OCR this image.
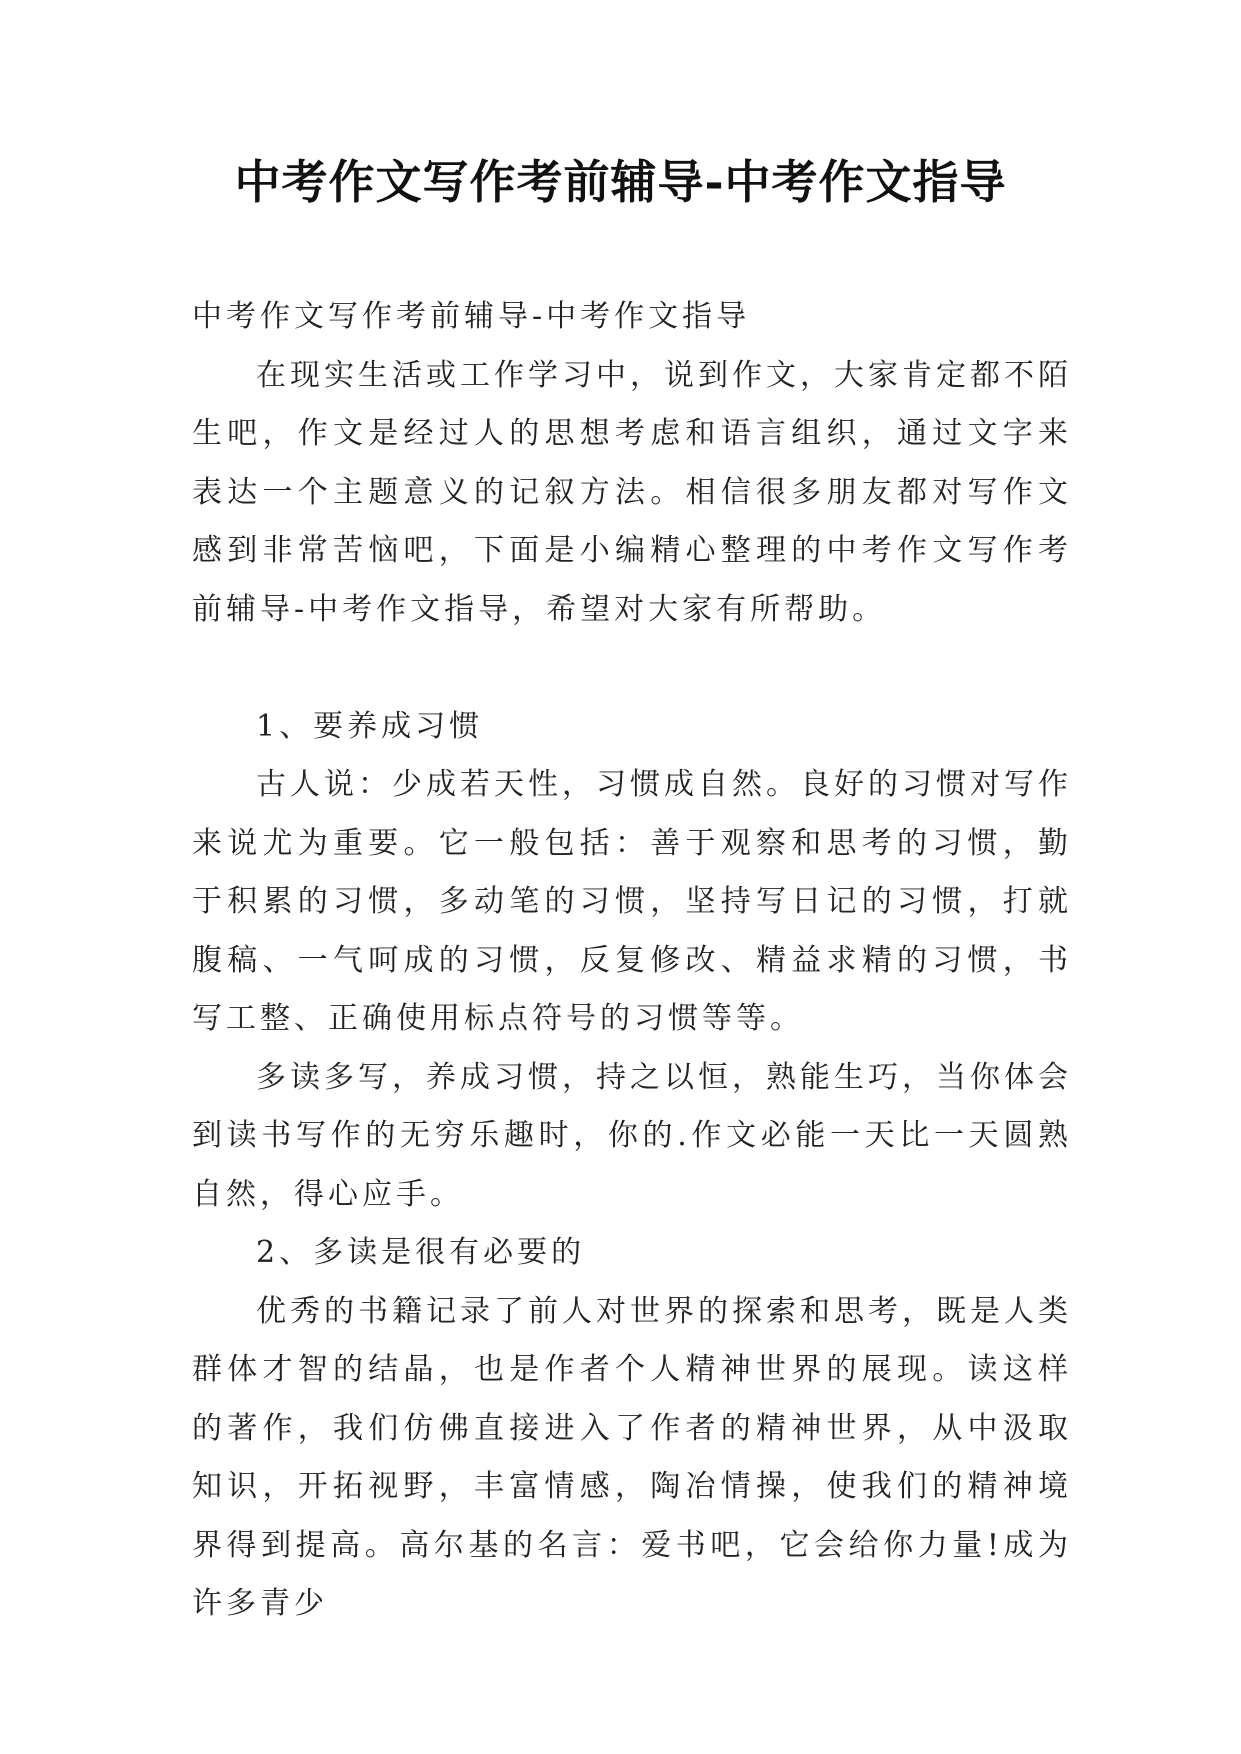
中考作文写作考前辅导-中考作文指导

中考作文写作考前辅导-中考作文指导

在现实生活或工作学习中，说到作文，大家肯定都不陌生吧，作文是经过人的思想考虑和语言组织，通过文字来表达一个主题意义的记叙方法。相信很多朋友都对写作文感到非常苦恼吧，下面是小编精心整理的中考作文写作考前辅导-中考作文指导，希望对大家有所帮助。

1、要养成习惯

古人说：少成若天性，习惯成自然。良好的习惯对写作来说尤为重要。它一般包括：善于观察和思考的习惯，勤于积累的习惯，多动笔的习惯，坚持写日记的习惯，打就腹稿、一气呵成的习惯，反复修改、精益求精的习惯，书写工整、正确使用标点符号的习惯等等。

多读多写，养成习惯，持之以恒，熟能生巧，当你体会到读书写作的无穷乐趣时，你的.作文必能一天比一天圆熟自然，得心应手。

2、多读是很有必要的

优秀的书籍记录了前人对世界的探索和思考，既是人类群体才智的结晶，也是作者个人精神世界的展现。读这样的著作，我们仿佛直接进入了作者的精神世界，从中汲取知识，开拓视野，丰富情感，陶冶情操，使我们的精神境界得到提高。高尔基的名言：爱书吧，它会给你力量!成为许多青少
